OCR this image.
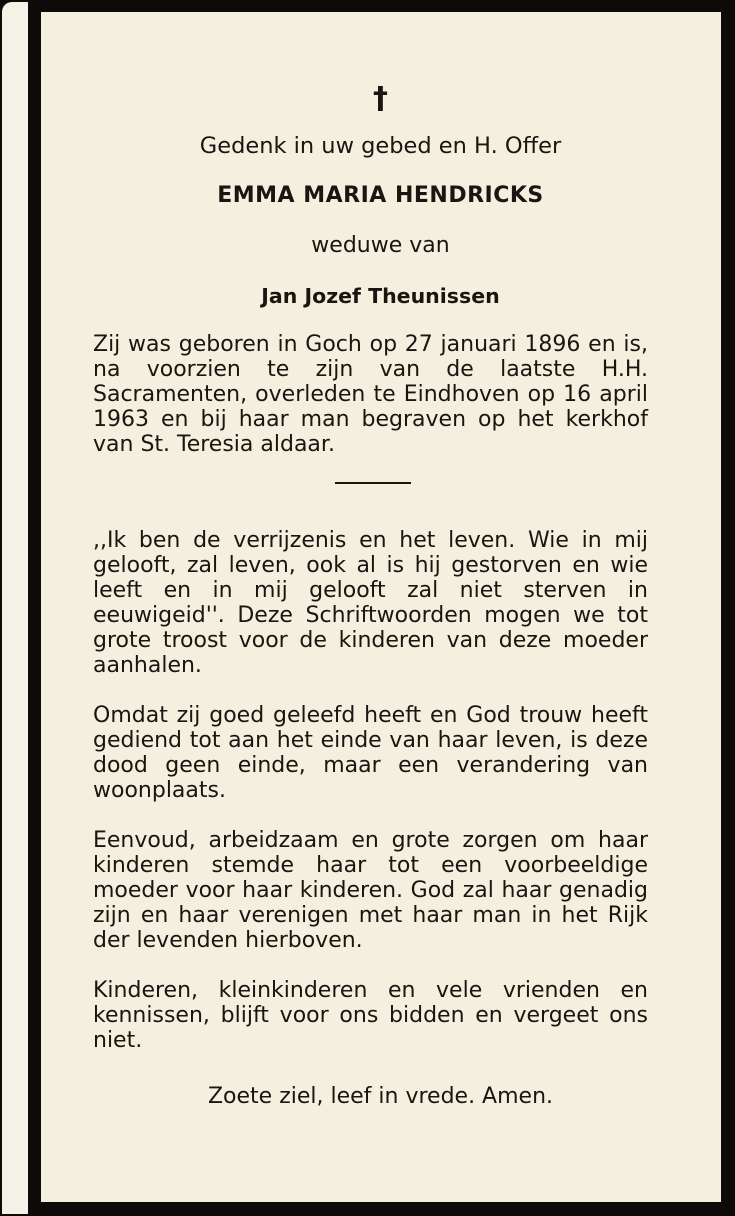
†
Gedenk in uw gebed en H. Offer
EMMA MARIA HENDRICKS
weduwe van
Jan Jozef Theunissen

Zij was geboren in Goch op 27 januari 1896 en is, na voorzien te zijn van de laatste H.H. Sacramenten, overleden te Eindhoven op 16 april 1963 en bij haar man begraven op het kerkhof van St. Teresia aldaar.

,,Ik ben de verrijzenis en het leven. Wie in mij gelooft, zal leven, ook al is hij gestorven en wie leeft en in mij gelooft zal niet sterven in eeuwigeid''. Deze Schriftwoorden mogen we tot grote troost voor de kinderen van deze moeder aanhalen.

Omdat zij goed geleefd heeft en God trouw heeft gediend tot aan het einde van haar leven, is deze dood geen einde, maar een verandering van woonplaats.

Eenvoud, arbeidzaam en grote zorgen om haar kinderen stemde haar tot een voorbeeldige moeder voor haar kinderen. God zal haar genadig zijn en haar verenigen met haar man in het Rijk der levenden hierboven.

Kinderen, kleinkinderen en vele vrienden en kennissen, blijft voor ons bidden en vergeet ons niet.

Zoete ziel, leef in vrede. Amen.
